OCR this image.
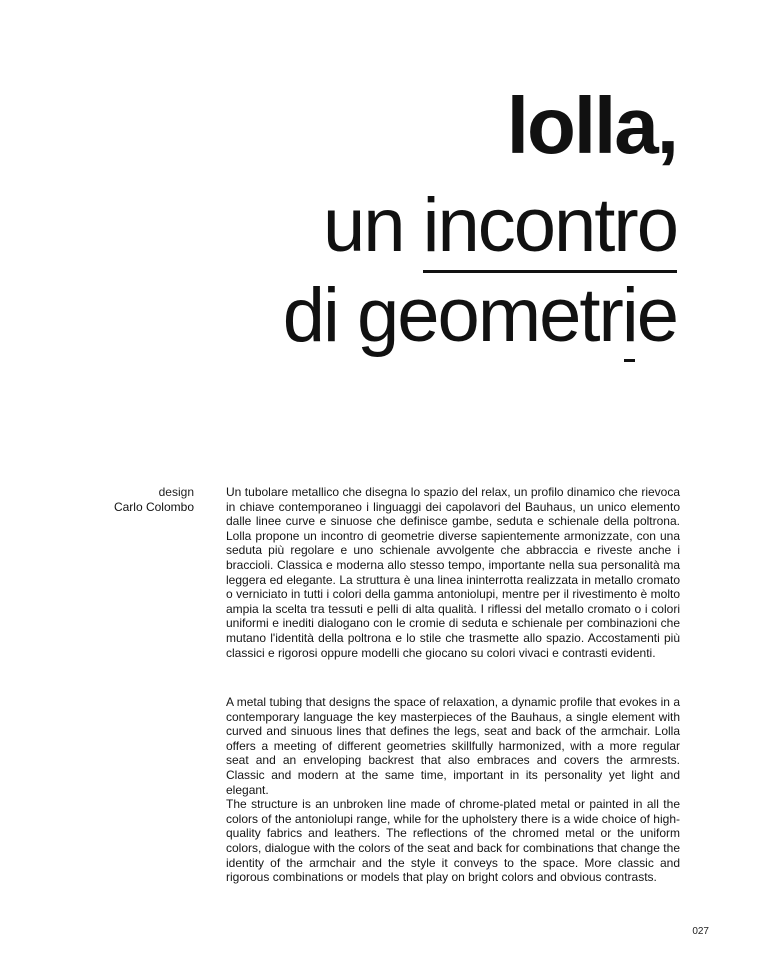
lolla,
un incontro
di geometrie
design
Carlo Colombo

Un tubolare metallico che disegna lo spazio del relax, un profilo dinamico che rievoca in chiave contemporaneo i linguaggi dei capolavori del Bauhaus, un unico elemento dalle linee curve e sinuose che definisce gambe, seduta e schienale della poltrona. Lolla propone un incontro di geometrie diverse sapientemente armonizzate, con una seduta più regolare e uno schienale avvolgente che abbraccia e riveste anche i braccioli. Classica e moderna allo stesso tempo, importante nella sua personalità ma leggera ed elegante. La struttura è una linea ininterrotta realizzata in metallo cromato o verniciato in tutti i colori della gamma antoniolupi, mentre per il rivestimento è molto ampia la scelta tra tessuti e pelli di alta qualità. I riflessi del metallo cromato o i colori uniformi e inediti dialogano con le cromie di seduta e schienale per combinazioni che mutano l'identità della poltrona e lo stile che trasmette allo spazio. Accostamenti più classici e rigorosi oppure modelli che giocano su colori vivaci e contrasti evidenti.

A metal tubing that designs the space of relaxation, a dynamic profile that evokes in a contemporary language the key masterpieces of the Bauhaus, a single element with curved and sinuous lines that defines the legs, seat and back of the armchair. Lolla offers a meeting of different geometries skillfully harmonized, with a more regular seat and an enveloping backrest that also embraces and covers the armrests. Classic and modern at the same time, important in its personality yet light and elegant.

The structure is an unbroken line made of chrome-plated metal or painted in all the colors of the antoniolupi range, while for the upholstery there is a wide choice of high-quality fabrics and leathers. The reflections of the chromed metal or the uniform colors, dialogue with the colors of the seat and back for combinations that change the identity of the armchair and the style it conveys to the space. More classic and rigorous combinations or models that play on bright colors and obvious contrasts.

027
